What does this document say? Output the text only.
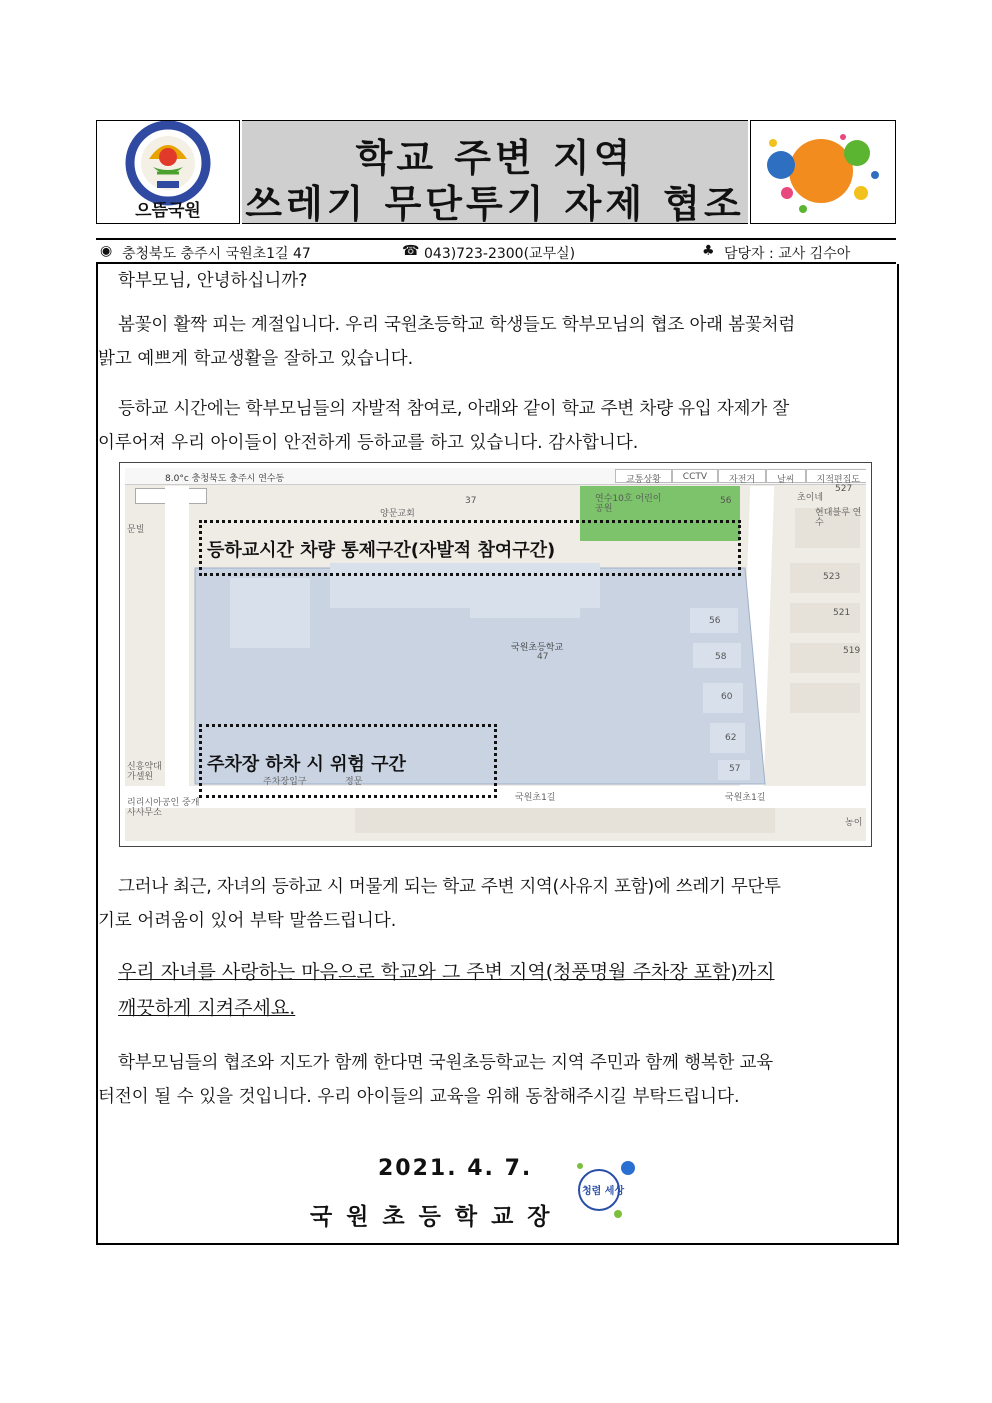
으뜸국원
학교 주변 지역
쓰레기 무단투기 자제 협조
◉ 충청북도 충주시 국원초1길 47	☎ 043)723-2300(교무실)	♣ 담당자 : 교사 김수아
학부모님, 안녕하십니까?
봄꽃이 활짝 피는 계절입니다. 우리 국원초등학교 학생들도 학부모님의 협조 아래 봄꽃처럼
밝고 예쁘게 학교생활을 잘하고 있습니다.
등하교 시간에는 학부모님들의 자발적 참여로, 아래와 같이 학교 주변 차량 유입 자제가 잘
이루어져 우리 아이들이 안전하게 등하교를 하고 있습니다. 감사합니다.
8.0°c 충청북도 충주시 연수동	교통상황	CCTV	자전거	날씨	지적편집도
양문교회
37	56
연수10호 어린이공원
국원초등학교
47
주차장입구	정문
국원초1길	국원초1길
신흥약대 가셀원
리리시아공인 중개사사무소
현대블루 연수
초이네
527
문빌
농이
523
521
519
56
58
60
62
57
등하교시간 차량 통제구간(자발적 참여구간)
주차장 하차 시 위험 구간
그러나 최근, 자녀의 등하교 시 머물게 되는 학교 주변 지역(사유지 포함)에 쓰레기 무단투
기로 어려움이 있어 부탁 말씀드립니다.
우리 자녀를 사랑하는 마음으로 학교와 그 주변 지역(청풍명월 주차장 포함)까지
깨끗하게 지켜주세요.
학부모님들의 협조와 지도가 함께 한다면 국원초등학교는 지역 주민과 함께 행복한 교육
터전이 될 수 있을 것입니다. 우리 아이들의 교육을 위해 동참해주시길 부탁드립니다.
2021. 4. 7.
국원초등학교장
청렴 세상
